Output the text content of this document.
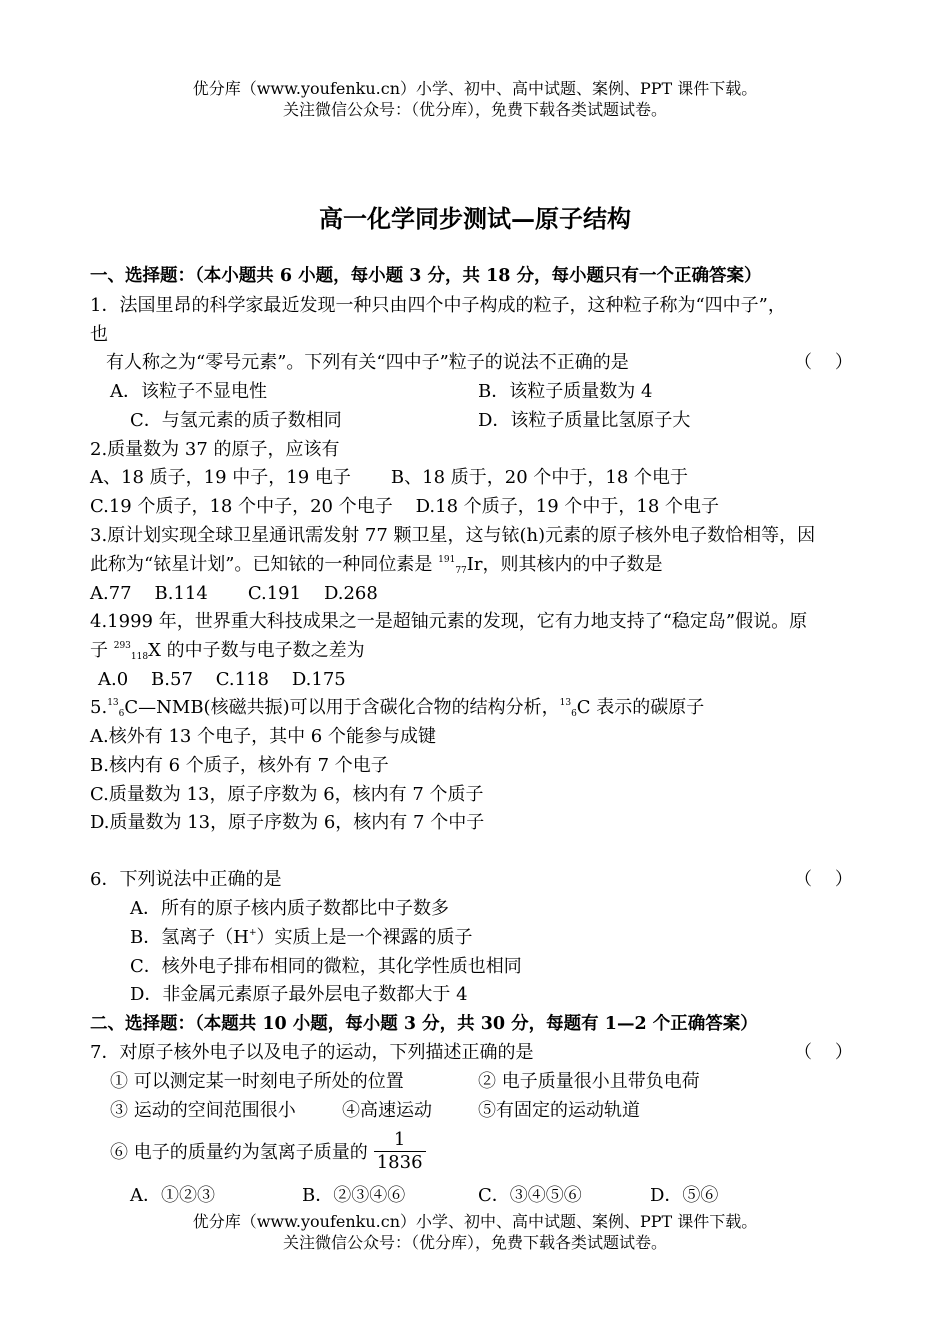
优分库（www.youfenku.cn）小学、初中、高中试题、案例、PPT 课件下载。
关注微信公众号：（优分库），免费下载各类试题试卷。
高一化学同步测试—原子结构
一、选择题：（本小题共 6 小题，每小题 3 分，共 18 分，每小题只有一个正确答案）
1．法国里昂的科学家最近发现一种只由四个中子构成的粒子，这种粒子称为“四中子”，
也
有人称之为“零号元素”。下列有关“四中子”粒子的说法不正确的是	（    ）
A．该粒子不显电性	B．该粒子质量数为 4
C．与氢元素的质子数相同	D．该粒子质量比氢原子大
2.质量数为 37 的原子，应该有
A、18 质子，19 中子，19 电子       B、18 质于，20 个中于，18 个电于
C.19 个质子，18 个中子，20 个电子    D.18 个质子，19 个中于，18 个电子
3.原计划实现全球卫星通讯需发射 77 颗卫星，这与铱(h)元素的原子核外电子数恰相等，因
此称为“铱星计划”。已知铱的一种同位素是 $^{191}_{77}$Ir，则其核内的中子数是
A.77    B.114       C.191    D.268
4.1999 年，世界重大科技成果之一是超铀元素的发现，它有力地支持了“稳定岛”假说。原
子 $^{293}_{118}$X 的中子数与电子数之差为
A.0    B.57    C.118    D.175
$5.13_6C—NMB$(核磁共振)可以用于含碳化合物的结构分析，$^{13}_6$C 表示的碳原子
A.核外有 13 个电子，其中 6 个能参与成键
B.核内有 6 个质子，核外有 7 个电子
C.质量数为 13，原子序数为 6，核内有 7 个质子
D.质量数为 13，原子序数为 6，核内有 7 个中子
6．下列说法中正确的是	（    ）
A．所有的原子核内质子数都比中子数多
B．氢离子（H+）实质上是一个裸露的质子
C．核外电子排布相同的微粒，其化学性质也相同
D．非金属元素原子最外层电子数都大于 4
二、选择题：（本题共 10 小题，每小题 3 分，共 30 分，每题有 1—2 个正确答案）
7．对原子核外电子以及电子的运动，下列描述正确的是	（    ）
① 可以测定某一时刻电子所处的位置	② 电子质量很小且带负电荷
③ 运动的空间范围很小	④高速运动	⑤有固定的运动轨道
⑥ 电子的质量约为氢离子质量的 $\frac{1}{1836}$
A．①②③	B．②③④⑥	C．③④⑤⑥	D．⑤⑥
优分库（www.youfenku.cn）小学、初中、高中试题、案例、PPT 课件下载。
关注微信公众号：（优分库），免费下载各类试题试卷。
